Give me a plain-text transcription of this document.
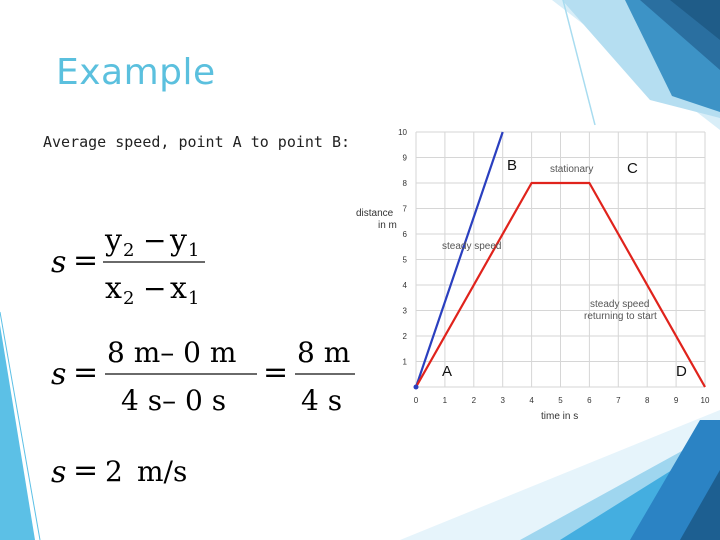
Example
Average speed, point A to point B:
s =
y 2 − y 1
x 2 − x 1
s =
8 m– 0 m
4 s– 0 s
=
8 m
4 s
s = 2 m/s
0	1	2	3	4	5	6	7	8	9	10
1
2
3
4
5
6
7
8
9
10
distance
in m
time in s
steady speed
stationary
steady speed
returning to start
B	C
A	D
